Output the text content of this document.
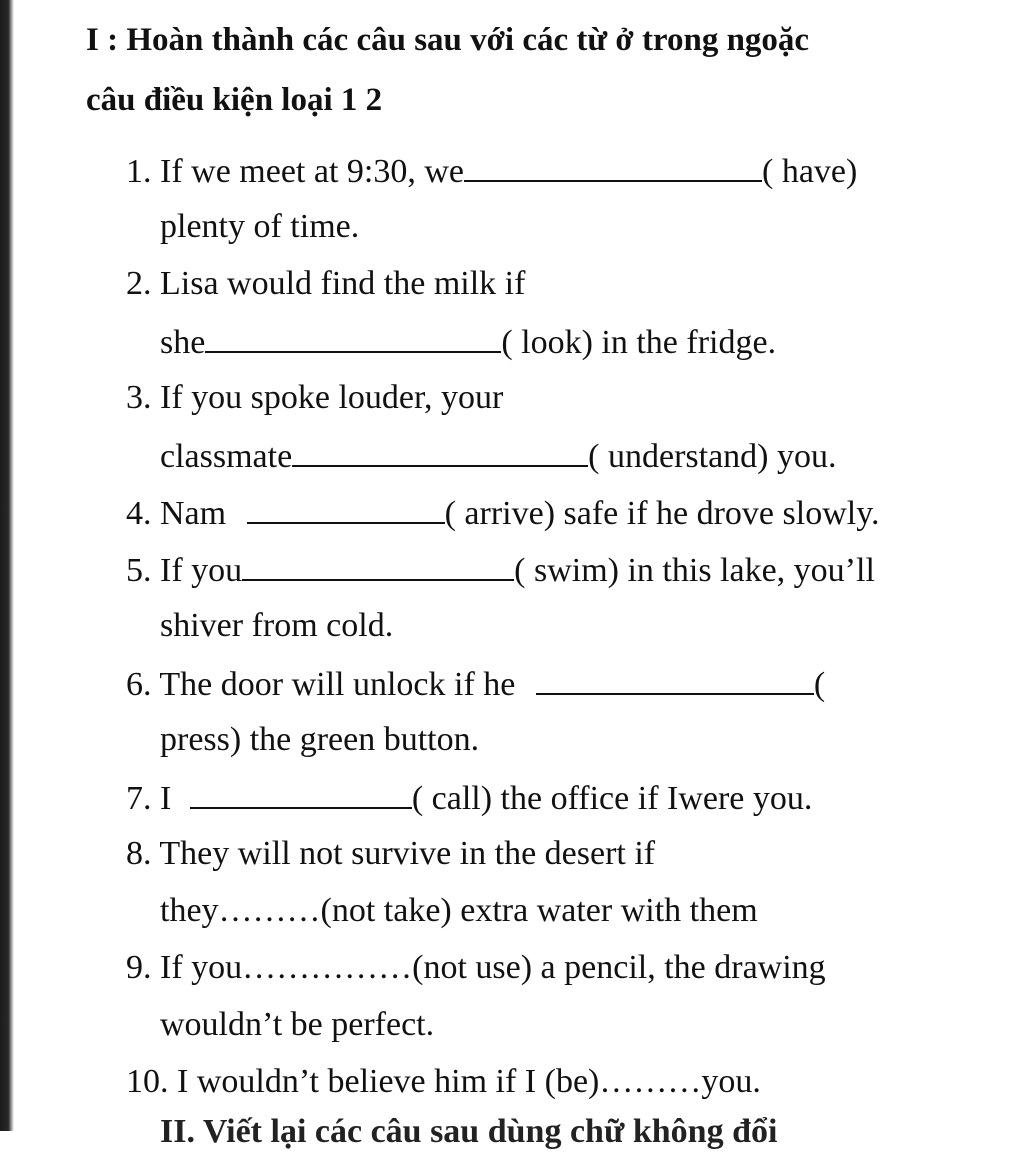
I : Hoàn thành các câu sau với các từ ở trong ngoặc
câu điều kiện loại 1 2
1. If we meet at 9:30, we	( have)
plenty of time.
2. Lisa would find the milk if
she	( look) in the fridge.
3. If you spoke louder, your
classmate	( understand) you.
4. Nam	( arrive) safe if he drove slowly.
5. If you	( swim) in this lake, you’ll
shiver from cold.
6. The door will unlock if he	(
press) the green button.
7. I	( call) the office if Iwere you.
8. They will not survive in the desert if
they………(not take) extra water with them
9. If you……………(not use) a pencil, the drawing
wouldn’t be perfect.
10. I wouldn’t believe him if I (be)………you.
II. Viết lại các câu sau dùng chữ không đổi
